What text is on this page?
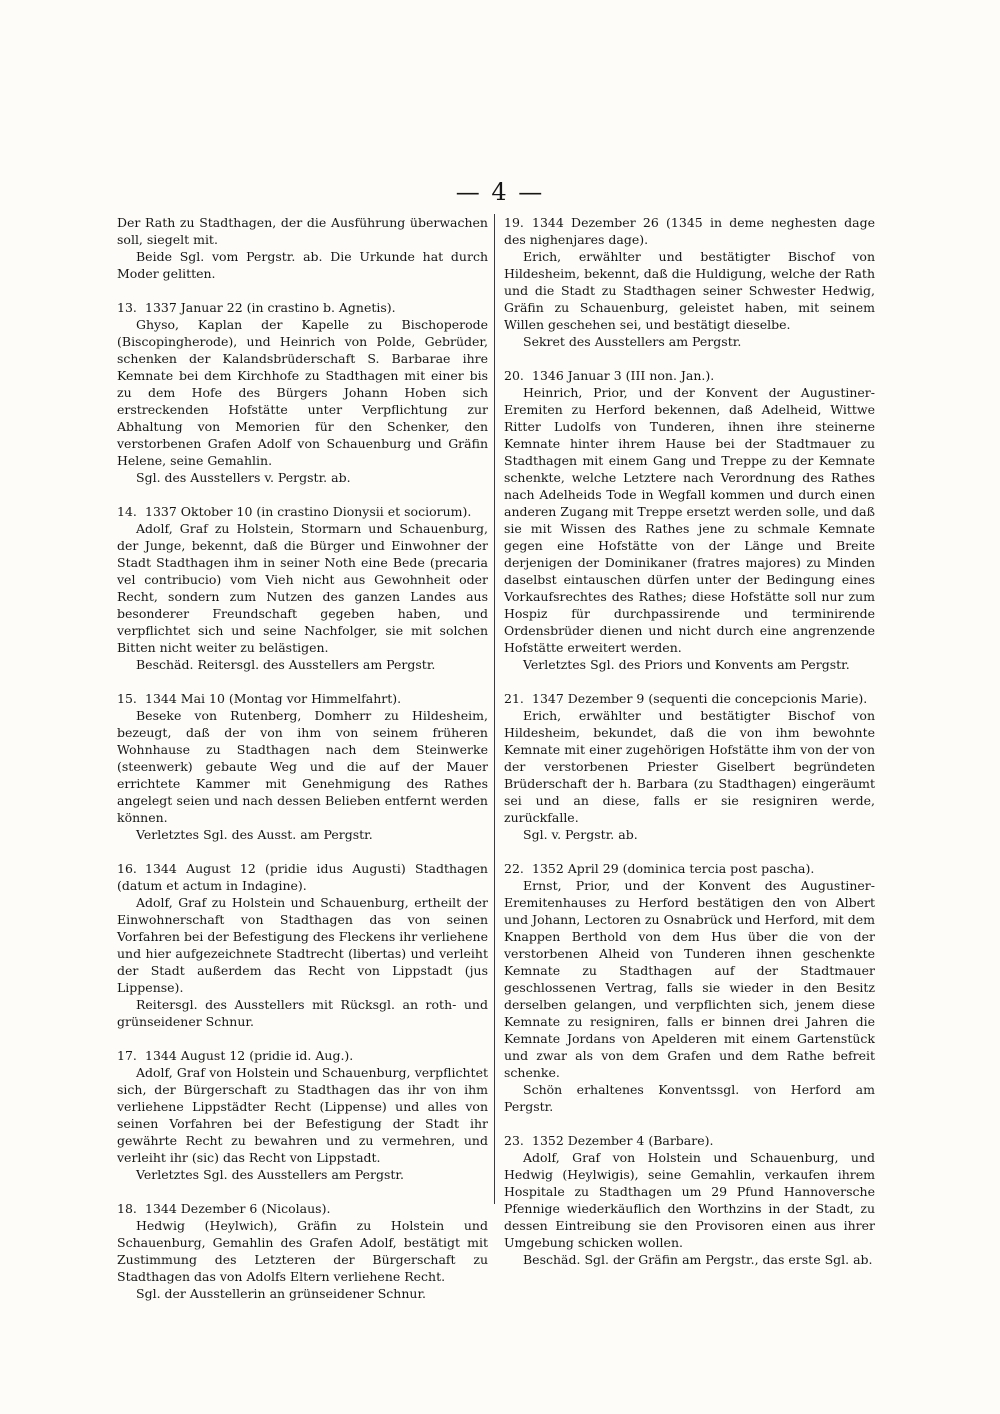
— 4 —

Der Rath zu Stadthagen, der die Ausführung überwachen soll, siegelt mit.

Beide Sgl. vom Pergstr. ab. Die Urkunde hat durch Moder gelitten.

13. 1337 Januar 22 (in crastino b. Agnetis).

Ghyso, Kaplan der Kapelle zu Bischoperode (Biscopingherode), und Heinrich von Polde, Gebrüder, schenken der Kalandsbrüderschaft S. Barbarae ihre Kemnate bei dem Kirchhofe zu Stadthagen mit einer bis zu dem Hofe des Bürgers Johann Hoben sich erstreckenden Hofstätte unter Verpflichtung zur Abhaltung von Memorien für den Schenker, den verstorbenen Grafen Adolf von Schauenburg und Gräfin Helene, seine Gemahlin.

Sgl. des Ausstellers v. Pergstr. ab.

14. 1337 Oktober 10 (in crastino Dionysii et sociorum).

Adolf, Graf zu Holstein, Stormarn und Schauenburg, der Junge, bekennt, daß die Bürger und Einwohner der Stadt Stadthagen ihm in seiner Noth eine Bede (precaria vel contribucio) vom Vieh nicht aus Gewohnheit oder Recht, sondern zum Nutzen des ganzen Landes aus besonderer Freundschaft gegeben haben, und verpflichtet sich und seine Nachfolger, sie mit solchen Bitten nicht weiter zu belästigen.

Beschäd. Reitersgl. des Ausstellers am Pergstr.

15. 1344 Mai 10 (Montag vor Himmelfahrt).

Beseke von Rutenberg, Domherr zu Hildesheim, bezeugt, daß der von ihm von seinem früheren Wohnhause zu Stadthagen nach dem Steinwerke (steenwerk) gebaute Weg und die auf der Mauer errichtete Kammer mit Genehmigung des Rathes angelegt seien und nach dessen Belieben entfernt werden können.

Verletztes Sgl. des Ausst. am Pergstr.

16. 1344 August 12 (pridie idus Augusti) Stadthagen (datum et actum in Indagine).

Adolf, Graf zu Holstein und Schauenburg, ertheilt der Einwohnerschaft von Stadthagen das von seinen Vorfahren bei der Befestigung des Fleckens ihr verliehene und hier aufgezeichnete Stadtrecht (libertas) und verleiht der Stadt außerdem das Recht von Lippstadt (jus Lippense).

Reitersgl. des Ausstellers mit Rücksgl. an roth- und grünseidener Schnur.

17. 1344 August 12 (pridie id. Aug.).

Adolf, Graf von Holstein und Schauenburg, verpflichtet sich, der Bürgerschaft zu Stadthagen das ihr von ihm verliehene Lippstädter Recht (Lippense) und alles von seinen Vorfahren bei der Befestigung der Stadt ihr gewährte Recht zu bewahren und zu vermehren, und verleiht ihr (sic) das Recht von Lippstadt.

Verletztes Sgl. des Ausstellers am Pergstr.

18. 1344 Dezember 6 (Nicolaus).

Hedwig (Heylwich), Gräfin zu Holstein und Schauenburg, Gemahlin des Grafen Adolf, bestätigt mit Zustimmung des Letzteren der Bürgerschaft zu Stadthagen das von Adolfs Eltern verliehene Recht.

Sgl. der Ausstellerin an grünseidener Schnur.

19. 1344 Dezember 26 (1345 in deme neghesten dage des nighenjares dage).

Erich, erwählter und bestätigter Bischof von Hildesheim, bekennt, daß die Huldigung, welche der Rath und die Stadt zu Stadthagen seiner Schwester Hedwig, Gräfin zu Schauenburg, geleistet haben, mit seinem Willen geschehen sei, und bestätigt dieselbe.

Sekret des Ausstellers am Pergstr.

20. 1346 Januar 3 (III non. Jan.).

Heinrich, Prior, und der Konvent der Augustiner-Eremiten zu Herford bekennen, daß Adelheid, Wittwe Ritter Ludolfs von Tunderen, ihnen ihre steinerne Kemnate hinter ihrem Hause bei der Stadtmauer zu Stadthagen mit einem Gang und Treppe zu der Kemnate schenkte, welche Letztere nach Verordnung des Rathes nach Adelheids Tode in Wegfall kommen und durch einen anderen Zugang mit Treppe ersetzt werden solle, und daß sie mit Wissen des Rathes jene zu schmale Kemnate gegen eine Hofstätte von der Länge und Breite derjenigen der Dominikaner (fratres majores) zu Minden daselbst eintauschen dürfen unter der Bedingung eines Vorkaufsrechtes des Rathes; diese Hofstätte soll nur zum Hospiz für durchpassirende und terminirende Ordensbrüder dienen und nicht durch eine angrenzende Hofstätte erweitert werden.

Verletztes Sgl. des Priors und Konvents am Pergstr.

21. 1347 Dezember 9 (sequenti die concepcionis Marie).

Erich, erwählter und bestätigter Bischof von Hildesheim, bekundet, daß die von ihm bewohnte Kemnate mit einer zugehörigen Hofstätte ihm von der von der verstorbenen Priester Giselbert begründeten Brüderschaft der h. Barbara (zu Stadthagen) eingeräumt sei und an diese, falls er sie resigniren werde, zurückfalle.

Sgl. v. Pergstr. ab.

22. 1352 April 29 (dominica tercia post pascha).

Ernst, Prior, und der Konvent des Augustiner-Eremitenhauses zu Herford bestätigen den von Albert und Johann, Lectoren zu Osnabrück und Herford, mit dem Knappen Berthold von dem Hus über die von der verstorbenen Alheid von Tunderen ihnen geschenkte Kemnate zu Stadthagen auf der Stadtmauer geschlossenen Vertrag, falls sie wieder in den Besitz derselben gelangen, und verpflichten sich, jenem diese Kemnate zu resigniren, falls er binnen drei Jahren die Kemnate Jordans von Apelderen mit einem Gartenstück und zwar als von dem Grafen und dem Rathe befreit schenke.

Schön erhaltenes Konventssgl. von Herford am Pergstr.

23. 1352 Dezember 4 (Barbare).

Adolf, Graf von Holstein und Schauenburg, und Hedwig (Heylwigis), seine Gemahlin, verkaufen ihrem Hospitale zu Stadthagen um 29 Pfund Hannoversche Pfennige wiederkäuflich den Worthzins in der Stadt, zu dessen Eintreibung sie den Provisoren einen aus ihrer Umgebung schicken wollen.

Beschäd. Sgl. der Gräfin am Pergstr., das erste Sgl. ab.
